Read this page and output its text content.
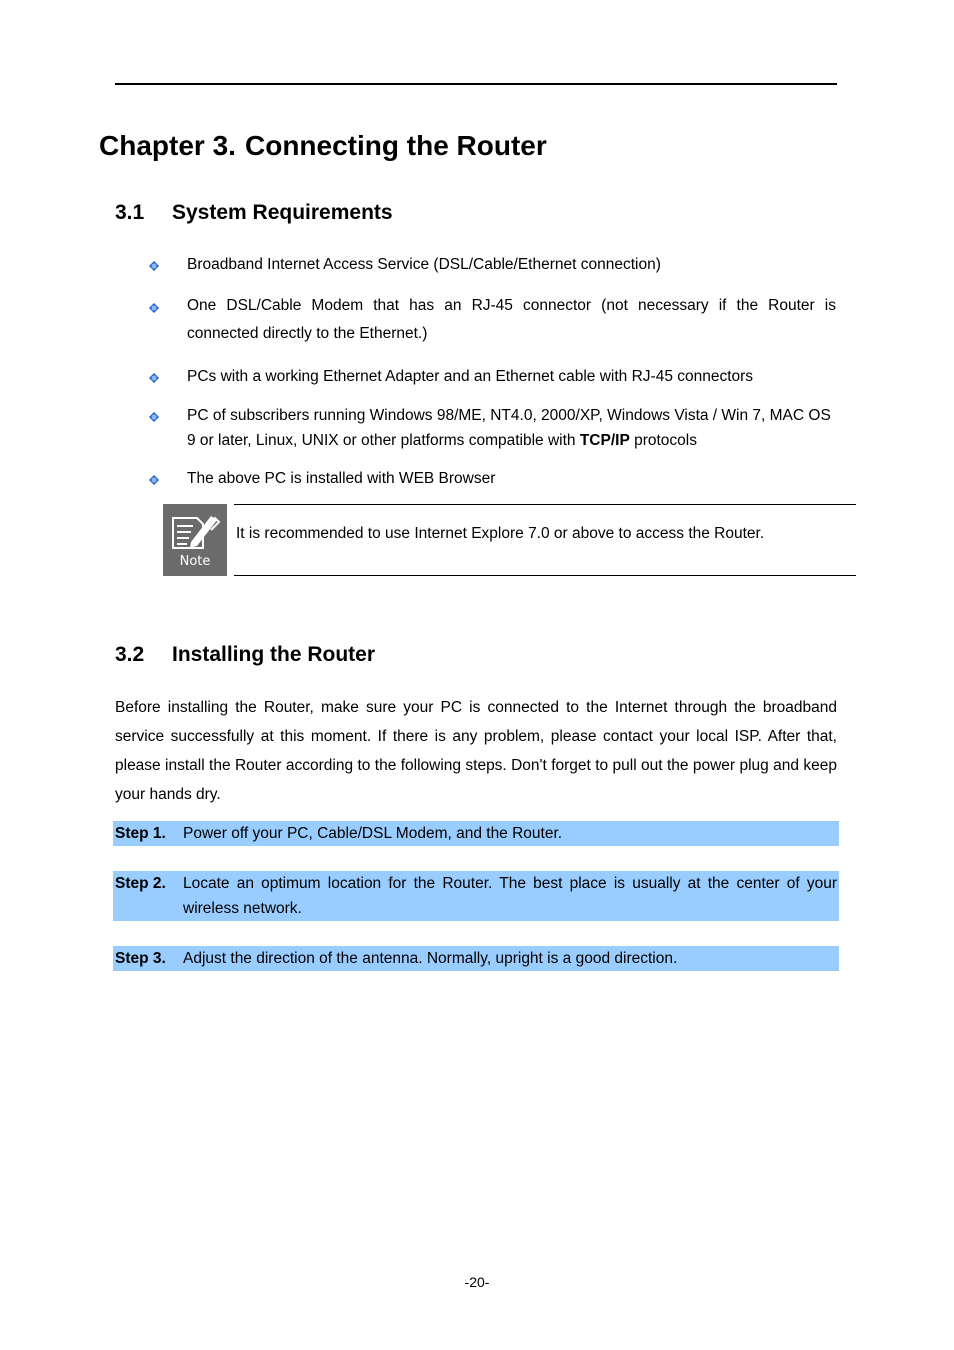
Chapter 3. Connecting the Router
3.1 System Requirements
Broadband Internet Access Service (DSL/Cable/Ethernet connection)
One DSL/Cable Modem that has an RJ-45 connector (not necessary if the Router is connected directly to the Ethernet.)
PCs with a working Ethernet Adapter and an Ethernet cable with RJ-45 connectors
PC of subscribers running Windows 98/ME, NT4.0, 2000/XP, Windows Vista / Win 7, MAC OS 9 or later, Linux, UNIX or other platforms compatible with TCP/IP protocols
The above PC is installed with WEB Browser
Note
It is recommended to use Internet Explore 7.0 or above to access the Router.
3.2 Installing the Router

Before installing the Router, make sure your PC is connected to the Internet through the broadband service successfully at this moment. If there is any problem, please contact your local ISP. After that, please install the Router according to the following steps. Don't forget to pull out the power plug and keep your hands dry.

Step 1. Power off your PC, Cable/DSL Modem, and the Router.
Step 2. Locate an optimum location for the Router. The best place is usually at the center of your wireless network.
Step 3. Adjust the direction of the antenna. Normally, upright is a good direction.
-20-
